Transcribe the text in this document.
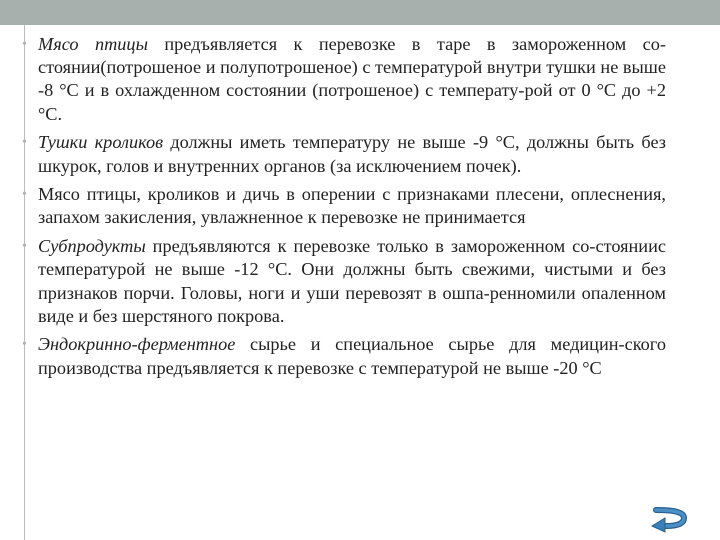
• Мясо птицы предъявляется к перевозке в таре в замороженном со-стоянии(потрошеное и полупотрошеное) с температурой внутри тушки не выше -8 °С и в охлажденном состоянии (потрошеное) с температу-рой от 0 °С до +2 °С.

• Тушки кроликов должны иметь температуру не выше -9 °С, должны быть без шкурок, голов и внутренних органов (за исключением почек).

• Мясо птицы, кроликов и дичь в оперении с признаками плесени, оплеснения, запахом закисления, увлажненное к перевозке не принимается

• Субпродукты предъявляются к перевозке только в замороженном со-стояниис температурой не выше -12 °С. Они должны быть свежими, чистыми и без признаков порчи. Головы, ноги и уши перевозят в ошпа-ренномили опаленном виде и без шерстяного покрова.

• Эндокринно-ферментное сырье и специальное сырье для медицин-ского производства предъявляется к перевозке с температурой не выше -20 °С
